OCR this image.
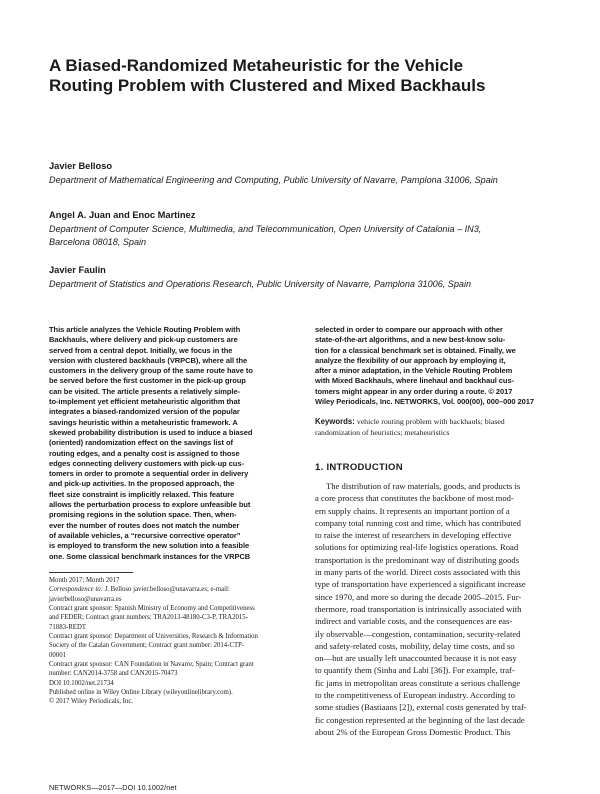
A Biased-Randomized Metaheuristic for the Vehicle
Routing Problem with Clustered and Mixed Backhauls
Javier Belloso
Department of Mathematical Engineering and Computing, Public University of Navarre, Pamplona 31006, Spain
Angel A. Juan and Enoc Martinez
Department of Computer Science, Multimedia, and Telecommunication, Open University of Catalonia – IN3,
Barcelona 08018, Spain
Javier Faulin
Department of Statistics and Operations Research, Public University of Navarre, Pamplona 31006, Spain
This article analyzes the Vehicle Routing Problem with
Backhauls, where delivery and pick-up customers are
served from a central depot. Initially, we focus in the
version with clustered backhauls (VRPCB), where all the
customers in the delivery group of the same route have to
be served before the first customer in the pick-up group
can be visited. The article presents a relatively simple-
to-implement yet efficient metaheuristic algorithm that
integrates a biased-randomized version of the popular
savings heuristic within a metaheuristic framework. A
skewed probability distribution is used to induce a biased
(oriented) randomization effect on the savings list of
routing edges, and a penalty cost is assigned to those
edges connecting delivery customers with pick-up cus-
tomers in order to promote a sequential order in delivery
and pick-up activities. In the proposed approach, the
fleet size constraint is implicitly relaxed. This feature
allows the perturbation process to explore unfeasible but
promising regions in the solution space. Then, when-
ever the number of routes does not match the number
of available vehicles, a “recursive corrective operator”
is employed to transform the new solution into a feasible
one. Some classical benchmark instances for the VRPCB
selected in order to compare our approach with other
state-of-the-art algorithms, and a new best-know solu-
tion for a classical benchmark set is obtained. Finally, we
analyze the flexibility of our approach by employing it,
after a minor adaptation, in the Vehicle Routing Problem
with Mixed Backhauls, where linehaul and backhaul cus-
tomers might appear in any order during a route. © 2017
Wiley Periodicals, Inc. NETWORKS, Vol. 000(00), 000–000 2017
Keywords: vehicle routing problem with backhauls; biased
randomization of heuristics; metaheuristics
1. INTRODUCTION
The distribution of raw materials, goods, and products is
a core process that constitutes the backbone of most mod-
ern supply chains. It represents an important portion of a
company total running cost and time, which has contributed
to raise the interest of researchers in developing effective
solutions for optimizing real-life logistics operations. Road
transportation is the predominant way of distributing goods
in many parts of the world. Direct costs associated with this
type of transportation have experienced a significant increase
since 1970, and more so during the decade 2005–2015. Fur-
thermore, road transportation is intrinsically associated with
indirect and variable costs, and the consequences are eas-
ily observable—congestion, contamination, security-related
and safety-related costs, mobility, delay time costs, and so
on—but are usually left unaccounted because it is not easy
to quantify them (Sinha and Labi [36]). For example, traf-
fic jams in metropolitan areas constitute a serious challenge
to the competitiveness of European industry. According to
some studies (Bastiaans [2]), external costs generated by traf-
fic congestion represented at the beginning of the last decade
about 2% of the European Gross Domestic Product. This
Month 2017; Month 2017
Correspondence to: J. Belloso javier.belloso@unavarra.es; e-mail:
javierbelloso@unavarra.es
Contract grant sponsor: Spanish Ministry of Economy and Competitiveness
and FEDER; Contract grant numbers: TRA2013-48180-C3-P, TRA2015-
71883-REDT
Contract grant sponsor: Department of Universities, Research & Information
Society of the Catalan Government; Contract grant number: 2014-CTP-
00001
Contract grant sponsor: CAN Foundation in Navarre, Spain; Contract grant
number: CAN2014-3758 and CAN2015-70473
DOI 10.1002/net.21734
Published online in Wiley Online Library (wileyonlinelibrary.com).
© 2017 Wiley Periodicals, Inc.
NETWORKS—2017—DOI 10.1002/net
